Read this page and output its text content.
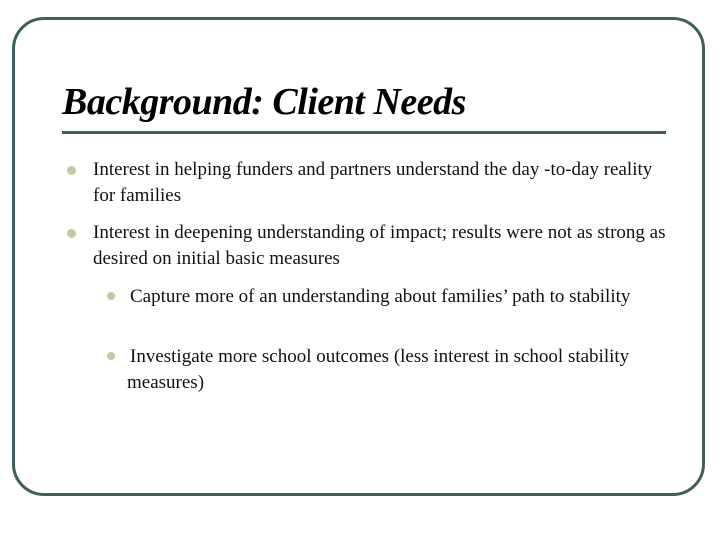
Background: Client Needs
Interest in helping funders and partners understand the day -to-day reality for families
Interest in deepening understanding of impact; results were not as strong as desired on initial basic measures
Capture more of an understanding about families’ path to stability
Investigate more school outcomes (less interest in school stability measures)
